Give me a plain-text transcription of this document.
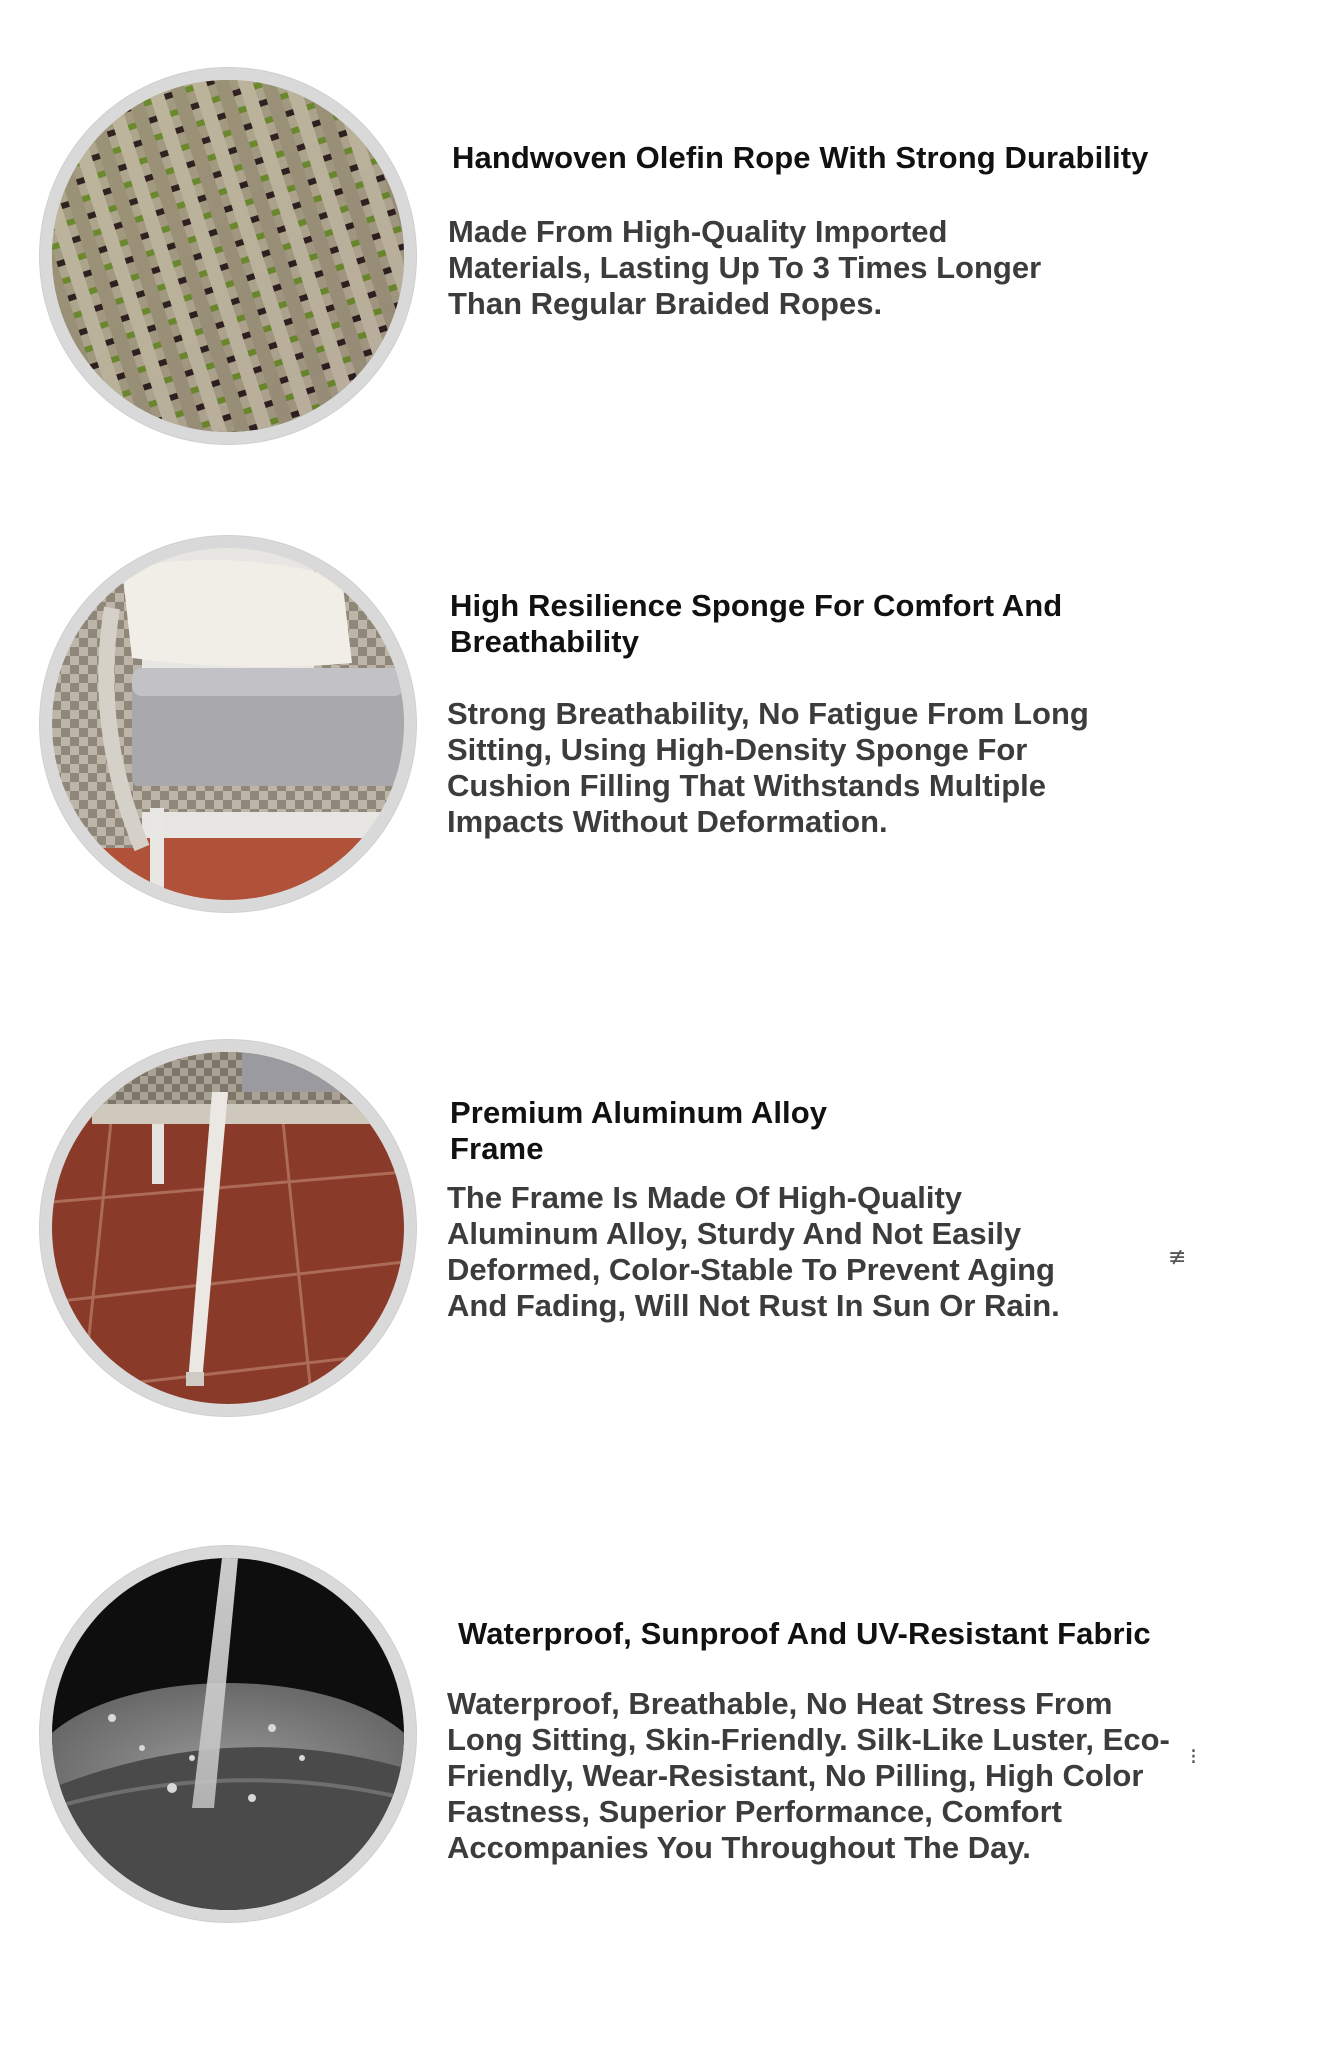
Handwoven Olefin Rope With Strong Durability

Made From High-Quality Imported Materials, Lasting Up To 3 Times Longer Than Regular Braided Ropes.

High Resilience Sponge For Comfort And Breathability

Strong Breathability, No Fatigue From Long Sitting, Using High-Density Sponge For Cushion Filling That Withstands Multiple Impacts Without Deformation.

Premium Aluminum Alloy Frame

The Frame Is Made Of High-Quality Aluminum Alloy, Sturdy And Not Easily Deformed, Color-Stable To Prevent Aging And Fading, Will Not Rust In Sun Or Rain.

≢
Waterproof, Sunproof And UV-Resistant Fabric

Waterproof, Breathable, No Heat Stress From Long Sitting, Skin-Friendly. Silk-Like Luster, Eco-Friendly, Wear-Resistant, No Pilling, High Color Fastness, Superior Performance, Comfort Accompanies You Throughout The Day.

⁝
